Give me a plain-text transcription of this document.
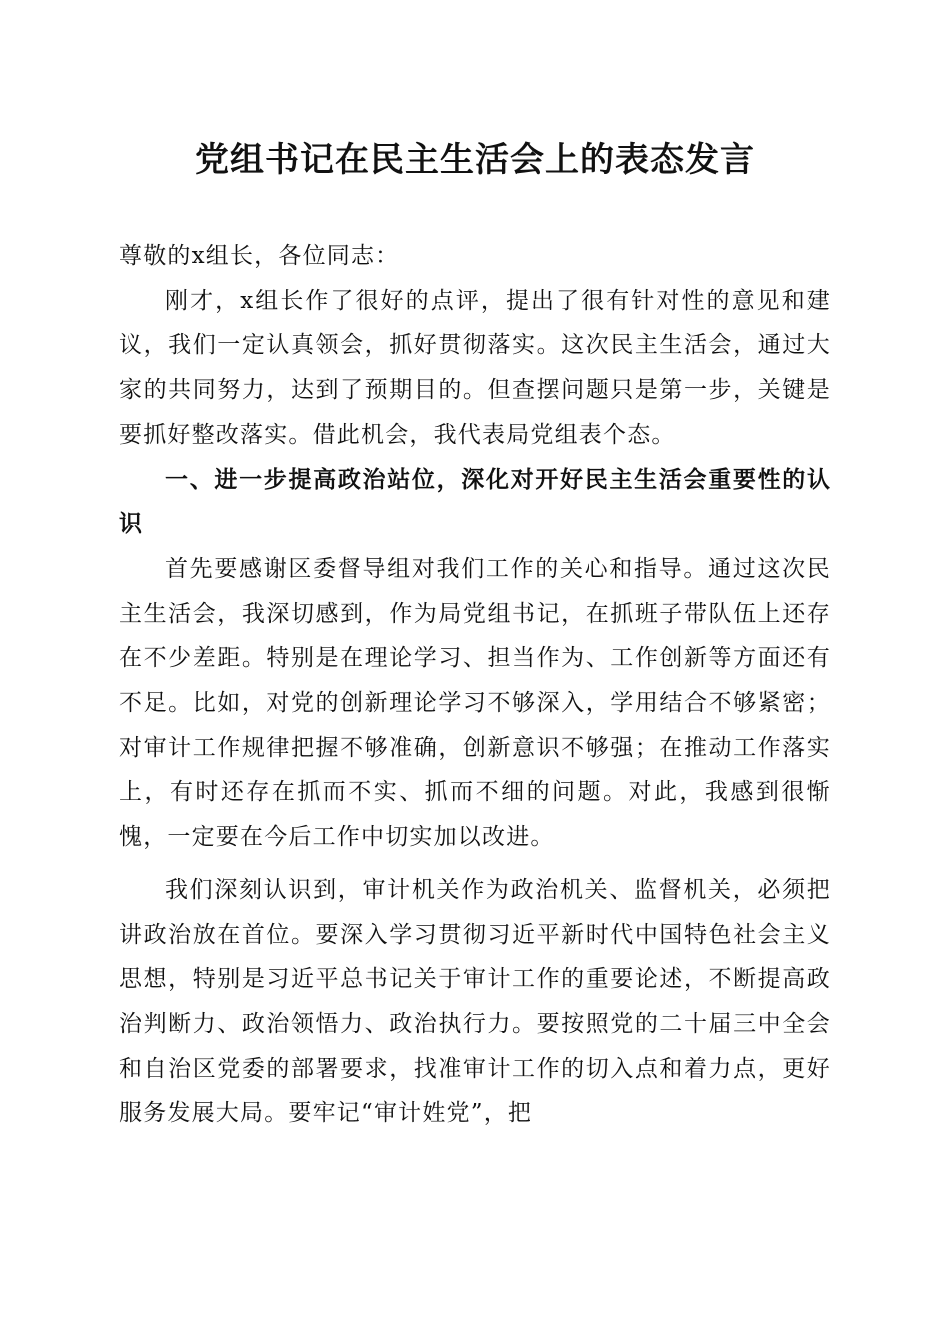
党组书记在民主生活会上的表态发言

尊敬的x组长，各位同志：

刚才，x组长作了很好的点评，提出了很有针对性的意见和建议，我们一定认真领会，抓好贯彻落实。这次民主生活会，通过大家的共同努力，达到了预期目的。但查摆问题只是第一步，关键是要抓好整改落实。借此机会，我代表局党组表个态。

一、进一步提高政治站位，深化对开好民主生活会重要性的认识

首先要感谢区委督导组对我们工作的关心和指导。通过这次民主生活会，我深切感到，作为局党组书记，在抓班子带队伍上还存在不少差距。特别是在理论学习、担当作为、工作创新等方面还有不足。比如，对党的创新理论学习不够深入，学用结合不够紧密；对审计工作规律把握不够准确，创新意识不够强；在推动工作落实上，有时还存在抓而不实、抓而不细的问题。对此，我感到很惭愧，一定要在今后工作中切实加以改进。

我们深刻认识到，审计机关作为政治机关、监督机关，必须把讲政治放在首位。要深入学习贯彻习近平新时代中国特色社会主义思想，特别是习近平总书记关于审计工作的重要论述，不断提高政治判断力、政治领悟力、政治执行力。要按照党的二十届三中全会和自治区党委的部署要求，找准审计工作的切入点和着力点，更好服务发展大局。要牢记“审计姓党”，把
